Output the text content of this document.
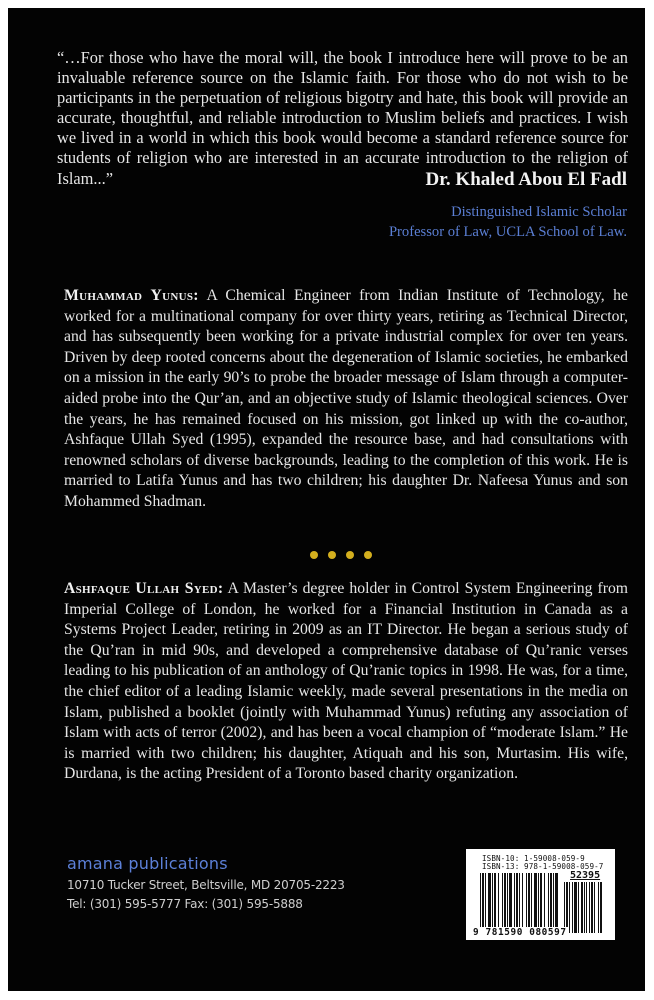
“…For those who have the moral will, the book I introduce here will prove to be an invaluable reference source on the Islamic faith. For those who do not wish to be participants in the perpetuation of religious bigotry and hate, this book will provide an accurate, thoughtful, and reliable introduction to Muslim beliefs and practices. I wish we lived in a world in which this book would become a standard reference source for students of religion who are interested in an accurate introduction to the religion of Islam...”	Dr. Khaled Abou El Fadl
Distinguished Islamic Scholar
Professor of Law, UCLA School of Law.

Muhammad Yunus: A Chemical Engineer from Indian Institute of Technology, he worked for a multinational company for over thirty years, retiring as Technical Director, and has subsequently been working for a private industrial complex for over ten years. Driven by deep rooted concerns about the degeneration of Islamic societies, he embarked on a mission in the early 90’s to probe the broader message of Islam through a computer-aided probe into the Qur’an, and an objective study of Islamic theological sciences. Over the years, he has remained focused on his mission, got linked up with the co-author, Ashfaque Ullah Syed (1995), expanded the resource base, and had consultations with renowned scholars of diverse backgrounds, leading to the completion of this work. He is married to Latifa Yunus and has two children; his daughter Dr. Nafeesa Yunus and son Mohammed Shadman.

Ashfaque Ullah Syed: A Master’s degree holder in Control System Engineering from Imperial College of London, he worked for a Financial Institution in Canada as a Systems Project Leader, retiring in 2009 as an IT Director. He began a serious study of the Qu’ran in mid 90s, and developed a comprehensive database of Qu’ranic verses leading to his publication of an anthology of Qu’ranic topics in 1998. He was, for a time, the chief editor of a leading Islamic weekly, made several presentations in the media on Islam, published a booklet (jointly with Muhammad Yunus) refuting any association of Islam with acts of terror (2002), and has been a vocal champion of “moderate Islam.” He is married with two children; his daughter, Atiquah and his son, Murtasim. His wife, Durdana, is the acting President of a Toronto based charity organization.

amana publications
10710 Tucker Street, Beltsville, MD 20705-2223
Tel: (301) 595-5777 Fax: (301) 595-5888
ISBN-10: 1-59008-059-9
ISBN-13: 978-1-59008-059-7
52395
9 781590 080597
